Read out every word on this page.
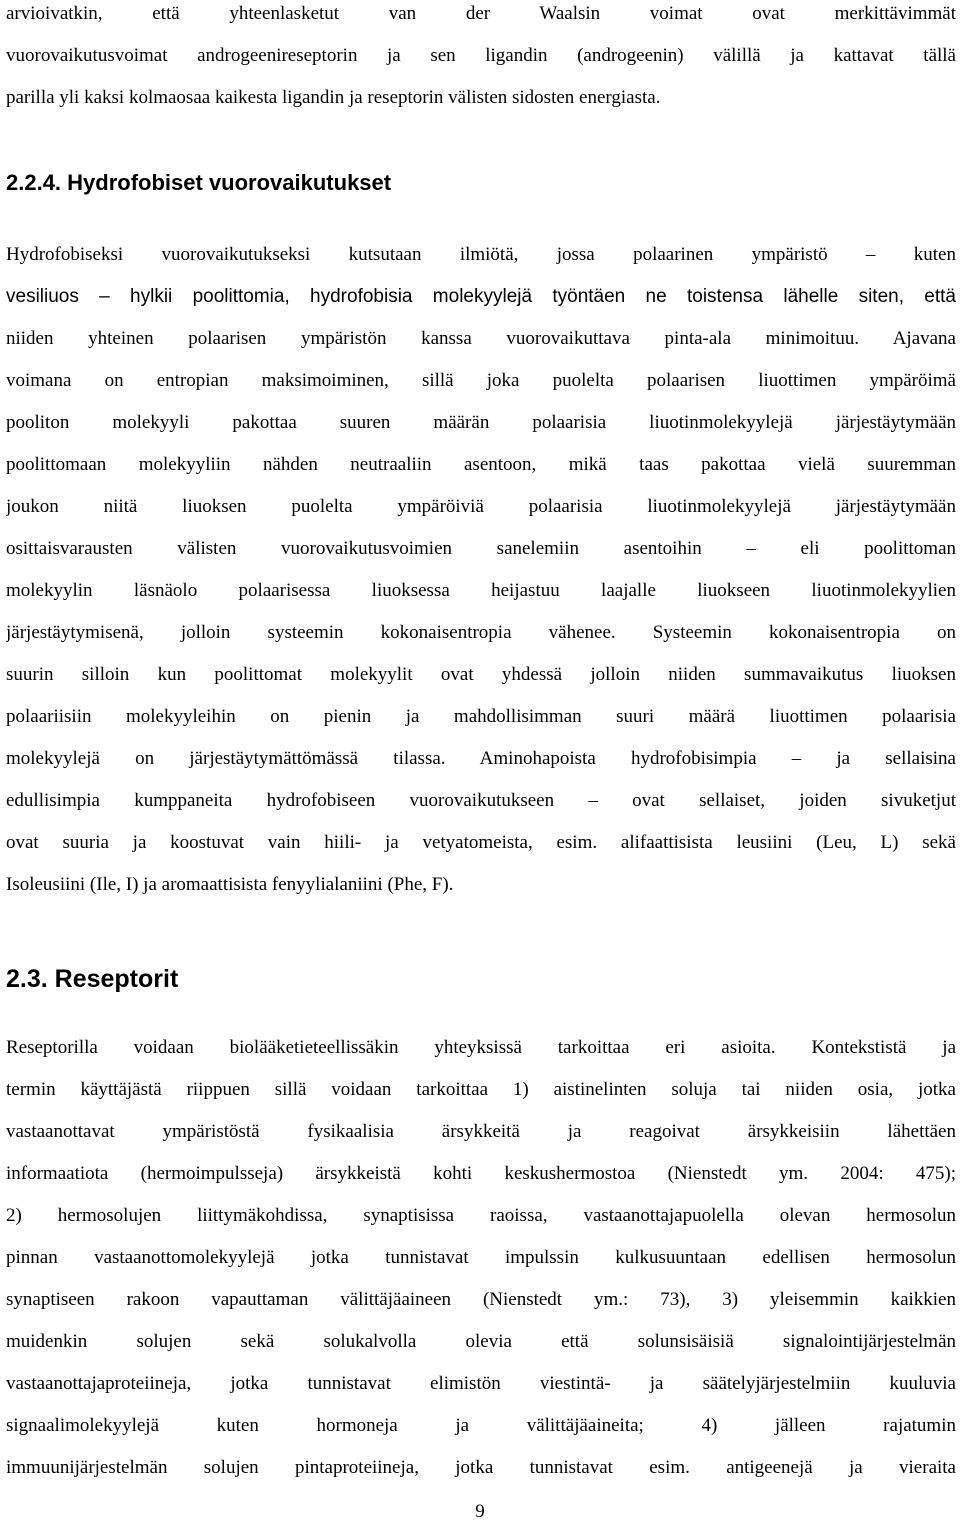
arvioivatkin, että yhteenlasketut van der Waalsin voimat ovat merkittävimmät
vuorovaikutusvoimat androgeenireseptorin ja sen ligandin (androgeenin) välillä ja kattavat tällä
parilla yli kaksi kolmaosaa kaikesta ligandin ja reseptorin välisten sidosten energiasta.
2.2.4. Hydrofobiset vuorovaikutukset
Hydrofobiseksi vuorovaikutukseksi kutsutaan ilmiötä, jossa polaarinen ympäristö – kuten
vesiliuos – hylkii poolittomia, hydrofobisia molekyylejä työntäen ne toistensa lähelle siten, että
niiden yhteinen polaarisen ympäristön kanssa vuorovaikuttava pinta-ala minimoituu. Ajavana
voimana on entropian maksimoiminen, sillä joka puolelta polaarisen liuottimen ympäröimä
pooliton molekyyli pakottaa suuren määrän polaarisia liuotinmolekyylejä järjestäytymään
poolittomaan molekyyliin nähden neutraaliin asentoon, mikä taas pakottaa vielä suuremman
joukon niitä liuoksen puolelta ympäröiviä polaarisia liuotinmolekyylejä järjestäytymään
osittaisvarausten välisten vuorovaikutusvoimien sanelemiin asentoihin – eli poolittoman
molekyylin läsnäolo polaarisessa liuoksessa heijastuu laajalle liuokseen liuotinmolekyylien
järjestäytymisenä, jolloin systeemin kokonaisentropia vähenee. Systeemin kokonaisentropia on
suurin silloin kun poolittomat molekyylit ovat yhdessä jolloin niiden summavaikutus liuoksen
polaariisiin molekyyleihin on pienin ja mahdollisimman suuri määrä liuottimen polaarisia
molekyylejä on järjestäytymättömässä tilassa. Aminohapoista hydrofobisimpia – ja sellaisina
edullisimpia kumppaneita hydrofobiseen vuorovaikutukseen – ovat sellaiset, joiden sivuketjut
ovat suuria ja koostuvat vain hiili- ja vetyatomeista, esim. alifaattisista leusiini (Leu, L) sekä
Isoleusiini (Ile, I) ja aromaattisista fenyylialaniini (Phe, F).
2.3. Reseptorit
Reseptorilla voidaan biolääketieteellissäkin yhteyksissä tarkoittaa eri asioita. Kontekstistä ja
termin käyttäjästä riippuen sillä voidaan tarkoittaa 1) aistinelinten soluja tai niiden osia, jotka
vastaanottavat ympäristöstä fysikaalisia ärsykkeitä ja reagoivat ärsykkeisiin lähettäen
informaatiota (hermoimpulsseja) ärsykkeistä kohti keskushermostoa (Nienstedt ym. 2004: 475);
2) hermosolujen liittymäkohdissa, synaptisissa raoissa, vastaanottajapuolella olevan hermosolun
pinnan vastaanottomolekyylejä jotka tunnistavat impulssin kulkusuuntaan edellisen hermosolun
synaptiseen rakoon vapauttaman välittäjäaineen (Nienstedt ym.: 73), 3) yleisemmin kaikkien
muidenkin solujen sekä solukalvolla olevia että solunsisäisiä signalointijärjestelmän
vastaanottajaproteiineja, jotka tunnistavat elimistön viestintä- ja säätelyjärjestelmiin kuuluvia
signaalimolekyylejä kuten hormoneja ja välittäjäaineita; 4) jälleen rajatumin
immuunijärjestelmän solujen pintaproteiineja, jotka tunnistavat esim. antigeenejä ja vieraita
9
